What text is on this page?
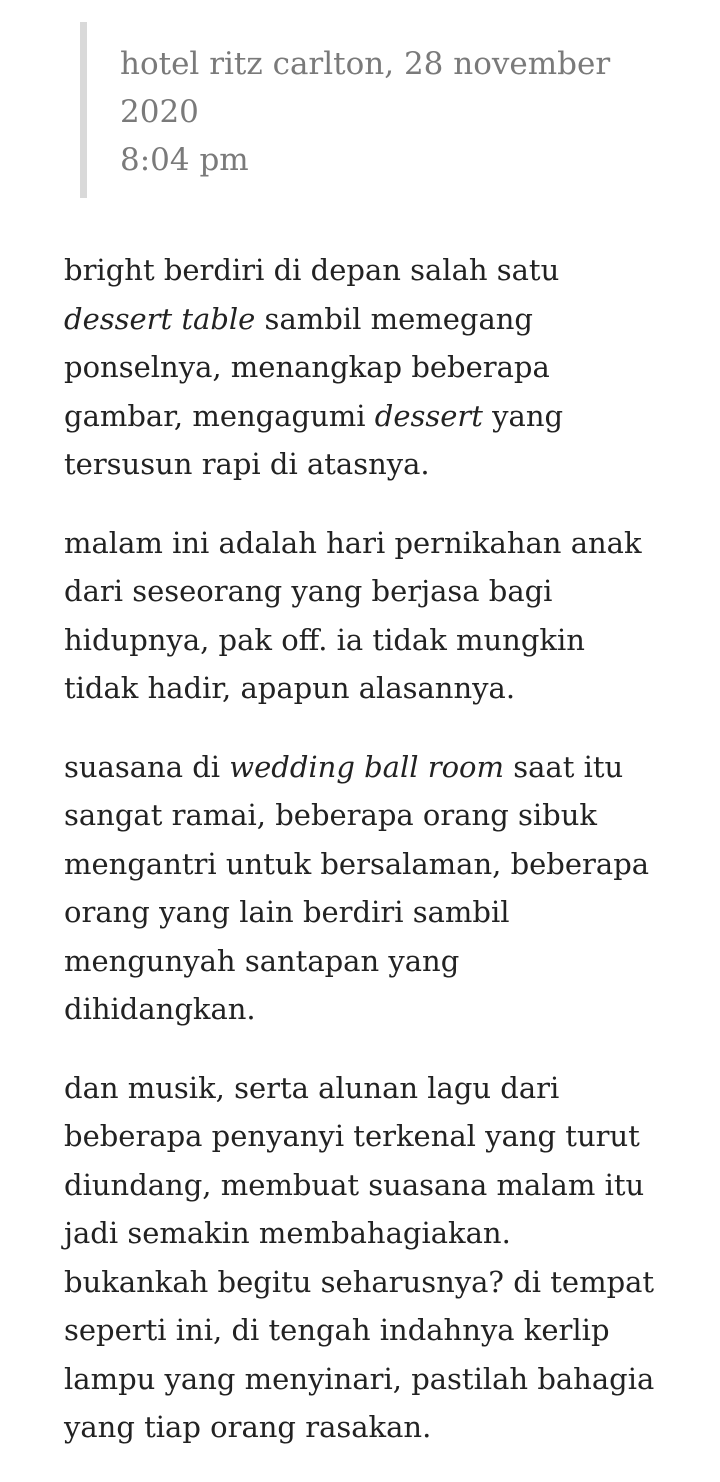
hotel ritz carlton, 28 november
2020
8:04 pm
bright berdiri di depan salah satu
dessert table sambil memegang
ponselnya, menangkap beberapa
gambar, mengagumi dessert yang
tersusun rapi di atasnya.
malam ini adalah hari pernikahan anak
dari seseorang yang berjasa bagi
hidupnya, pak off. ia tidak mungkin
tidak hadir, apapun alasannya.
suasana di wedding ball room saat itu
sangat ramai, beberapa orang sibuk
mengantri untuk bersalaman, beberapa
orang yang lain berdiri sambil
mengunyah santapan yang
dihidangkan.
dan musik, serta alunan lagu dari
beberapa penyanyi terkenal yang turut
diundang, membuat suasana malam itu
jadi semakin membahagiakan.
bukankah begitu seharusnya? di tempat
seperti ini, di tengah indahnya kerlip
lampu yang menyinari, pastilah bahagia
yang tiap orang rasakan.
